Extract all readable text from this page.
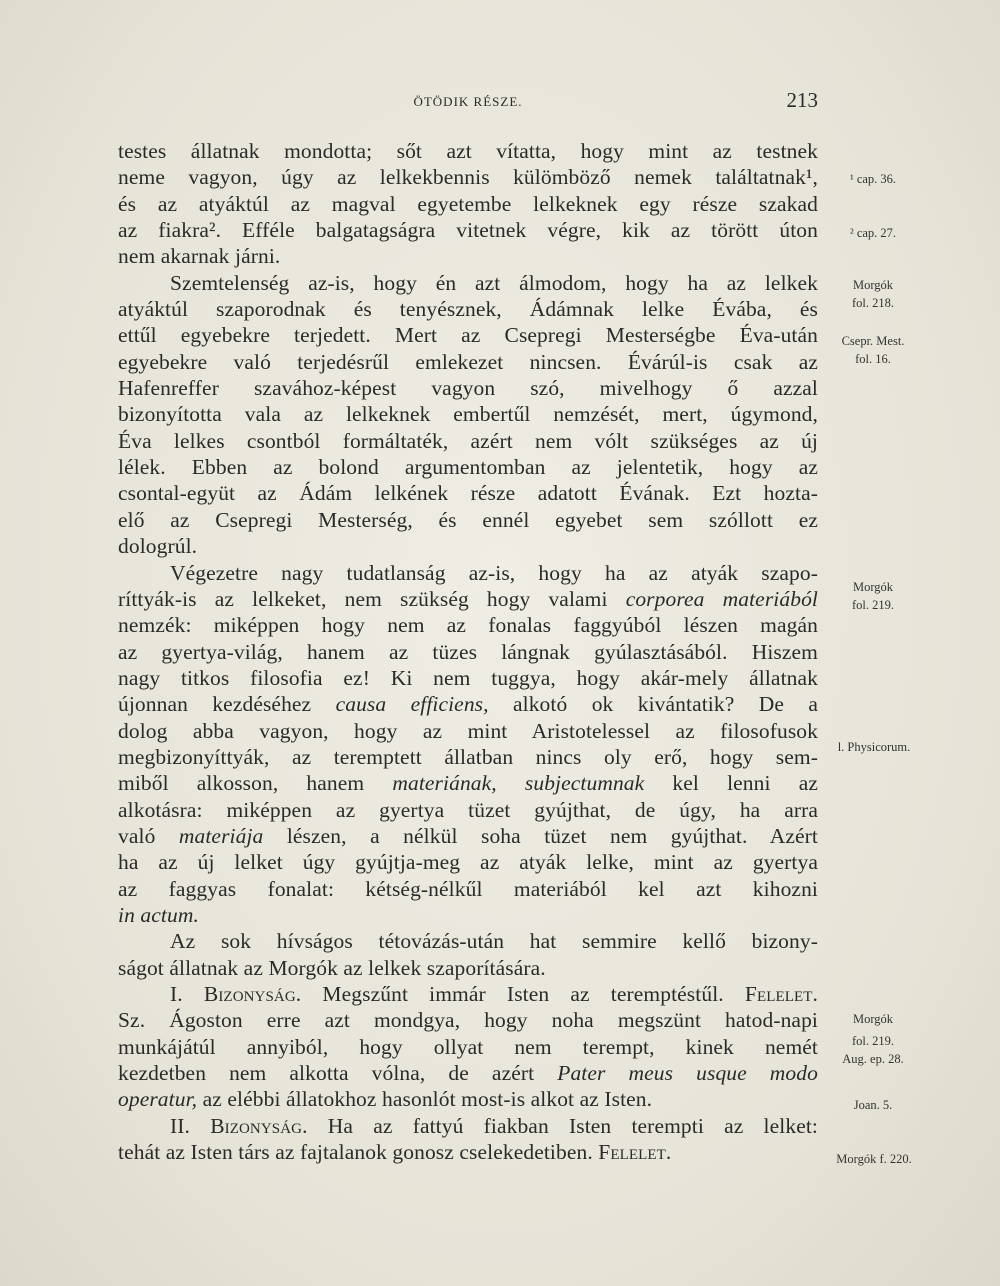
ÖTÖDIK RÉSZE.	213
testes állatnak mondotta; sőt azt vítatta, hogy mint az testnek
neme vagyon, úgy az lelkekbennis külömböző nemek találtatnak¹,
és az atyáktúl az magval egyetembe lelkeknek egy része szakad
az fiakra². Efféle balgatagságra vitetnek végre, kik az törött úton
nem akarnak járni.
Szemtelenség az-is, hogy én azt álmodom, hogy ha az lelkek
atyáktúl szaporodnak és tenyésznek, Ádámnak lelke Évába, és
ettűl egyebekre terjedett. Mert az Csepregi Mesterségbe Éva-után
egyebekre való terjedésrűl emlekezet nincsen. Évárúl-is csak az
Hafenreffer szavához-képest vagyon szó, mivelhogy ő azzal
bizonyította vala az lelkeknek embertűl nemzését, mert, úgymond,
Éva lelkes csontból formáltaték, azért nem vólt szükséges az új
lélek. Ebben az bolond argumentomban az jelentetik, hogy az
csontal-együt az Ádám lelkének része adatott Évának. Ezt hozta-
elő az Csepregi Mesterség, és ennél egyebet sem szóllott ez
dologrúl.
Végezetre nagy tudatlanság az-is, hogy ha az atyák szapo-
ríttyák-is az lelkeket, nem szükség hogy valami corporea materiából
nemzék: miképpen hogy nem az fonalas faggyúból lészen magán
az gyertya-világ, hanem az tüzes lángnak gyúlasztásából. Hiszem
nagy titkos filosofia ez! Ki nem tuggya, hogy akár-mely állatnak
újonnan kezdéséhez causa efficiens, alkotó ok kivántatik? De a
dolog abba vagyon, hogy az mint Aristotelessel az filosofusok
megbizonyíttyák, az teremptett állatban nincs oly erő, hogy sem-
miből alkosson, hanem materiának, subjectumnak kel lenni az
alkotásra: miképpen az gyertya tüzet gyújthat, de úgy, ha arra
való materiája lészen, a nélkül soha tüzet nem gyújthat. Azért
ha az új lelket úgy gyújtja-meg az atyák lelke, mint az gyertya
az faggyas fonalat: kétség-nélkűl materiából kel azt kihozni
in actum.
Az sok hívságos tétovázás-után hat semmire kellő bizony-
ságot állatnak az Morgók az lelkek szaporítására.
I. Bizonyság. Megszűnt immár Isten az teremptéstűl. Felelet.
Sz. Ágoston erre azt mondgya, hogy noha megszünt hatod-napi
munkájátúl annyiból, hogy ollyat nem terempt, kinek nemét
kezdetben nem alkotta vólna, de azért Pater meus usque modo
operatur, az elébbi állatokhoz hasonlót most-is alkot az Isten.
II. Bizonyság. Ha az fattyú fiakban Isten terempti az lelket:
tehát az Isten társ az fajtalanok gonosz cselekedetiben. Felelet.
¹ cap. 36.
² cap. 27.
Morgók
fol. 218.
Csepr. Mest.
fol. 16.
Morgók
fol. 219.
l. Physicorum.
Morgók
fol. 219.
Aug. ep. 28.
Joan. 5.
Morgók f. 220.
